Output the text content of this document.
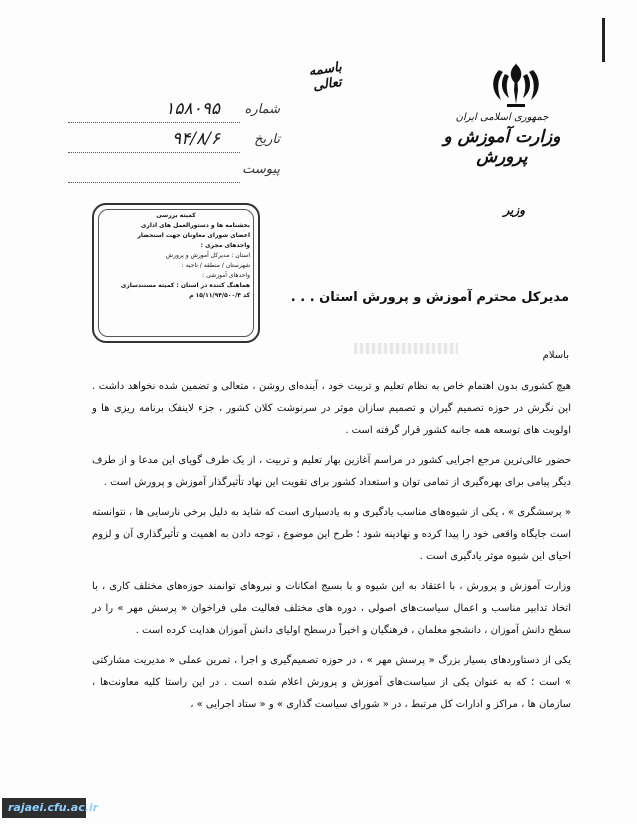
جمهوری اسلامی ایران
وزارت آموزش و پرورش
وزیر
باسمه تعالی
شماره
۱۵۸۰۹۵
تاریخ
۹۴/۸/۶
پیوست

کمیته بررسی

بخشنامه ها و دستورالعمل های اداری

اعضای شورای معاونان جهت استحضار

واحدهای مجری :

استان : مدیرکل آموزش و پرورش

شهرستان / منطقه / ناحیه :

واحدهای آموزشی :

هماهنگ کننده در استان : کمیته مستندسازی

کد ۱۵/۱۱/۹۴/۵۰۰/۴ م	مدیرکل محترم آموزش و پرورش استان . . .
باسلام

هیچ کشوری بدون اهتمام خاص به نظام تعلیم و تربیت خود ، آینده‌ای روشن ، متعالی و تضمین شده نخواهد داشت . این نگرش در حوزه تصمیم گیران و تصمیم سازان موثر در سرنوشت کلان کشور ، جزء لاینفک برنامه ریزی ها و اولویت های توسعه همه جانبه کشور قرار گرفته است .

حضور عالی‌ترین مرجع اجرایی کشور در مراسم آغازین بهار تعلیم و تربیت ، از یک طرف گویای این مدعا و از طرف دیگر پیامی برای بهره‌گیری از تمامی توان و استعداد کشور برای تقویت این نهاد تأثیرگذار آموزش و پرورش است .

« پرسشگری » ، یکی از شیوه‌های مناسب یادگیری و به یادسپاری است که شاید به دلیل برخی نارسایی ها ، نتوانسته است جایگاه واقعی خود را پیدا کرده و نهادینه شود ؛ طرح این موضوع ، توجه دادن به اهمیت و تأثیرگذاری آن و لزوم احیای این شیوه موثر یادگیری است .

وزارت آموزش و پرورش ، با اعتقاد به این شیوه و با بسیج امکانات و نیروهای توانمند حوزه‌های مختلف کاری ، با اتخاذ تدابیر مناسب و اعمال سیاست‌های اصولی ، دوره های مختلف فعالیت ملی فراخوان « پرسش مهر » را در سطح دانش آموزان ، دانشجو معلمان ، فرهنگیان و اخیراً درسطح اولیای دانش آموزان هدایت کرده است .

یکی از دستاوردهای بسیار بزرگ « پرسش مهر » ، در حوزه تصمیم‌گیری و اجرا ، تمرین عملی « مدیریت مشارکتی » است ؛ که به عنوان یکی از سیاست‌های آموزش و پرورش اعلام شده است . در این راستا کلیه معاونت‌ها ، سازمان ها ، مراکز و ادارات کل مرتبط ، در « شورای سیاست گذاری » و « ستاد اجرایی » ،

rajaei.cfu.ac.ir
